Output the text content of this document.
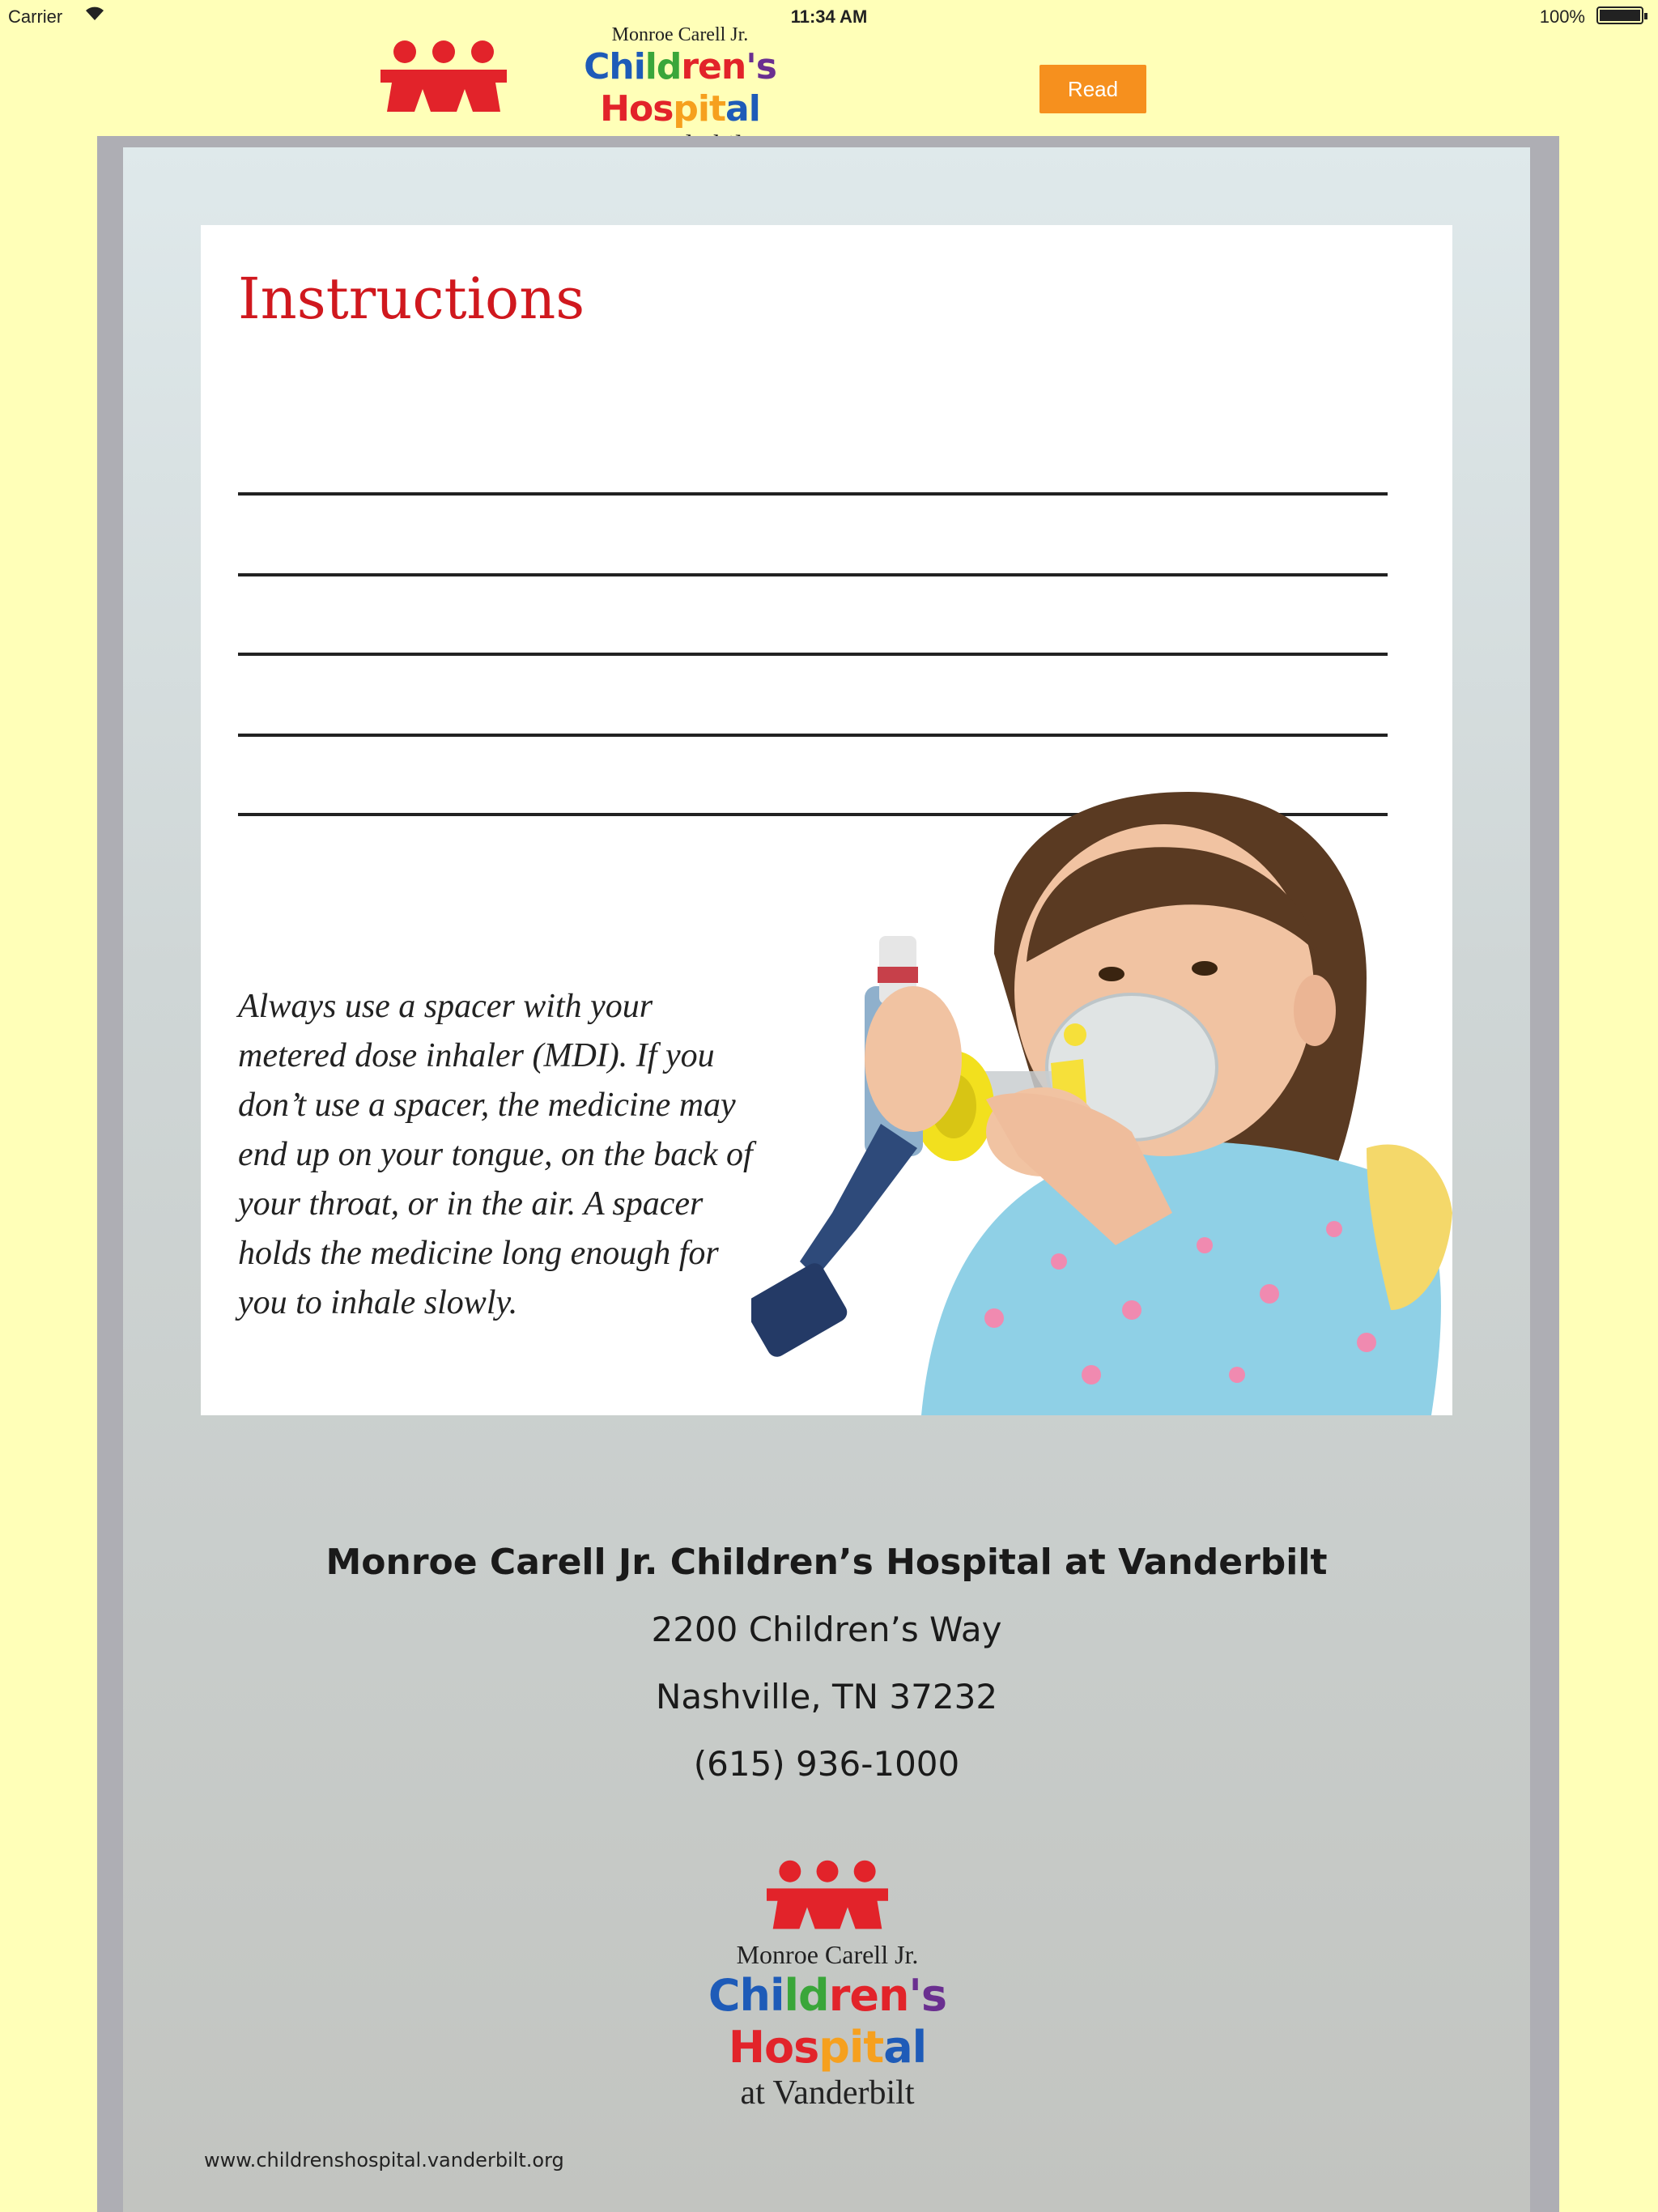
Carrier	11:34 AM	100%
Monroe Carell Jr.
Children's Hospital	Read
Instructions

Always use a spacer with your metered dose inhaler (MDI). If you don’t use a spacer, the medicine may end up on your tongue, on the back of your throat, or in the air. A spacer holds the medicine long enough for you to inhale slowly.

Monroe Carell Jr. Children’s Hospital at Vanderbilt
2200 Children’s Way
Nashville, TN 37232
(615) 936-1000
Monroe Carell Jr.
Children's Hospital
at Vanderbilt
www.childrenshospital.vanderbilt.org
